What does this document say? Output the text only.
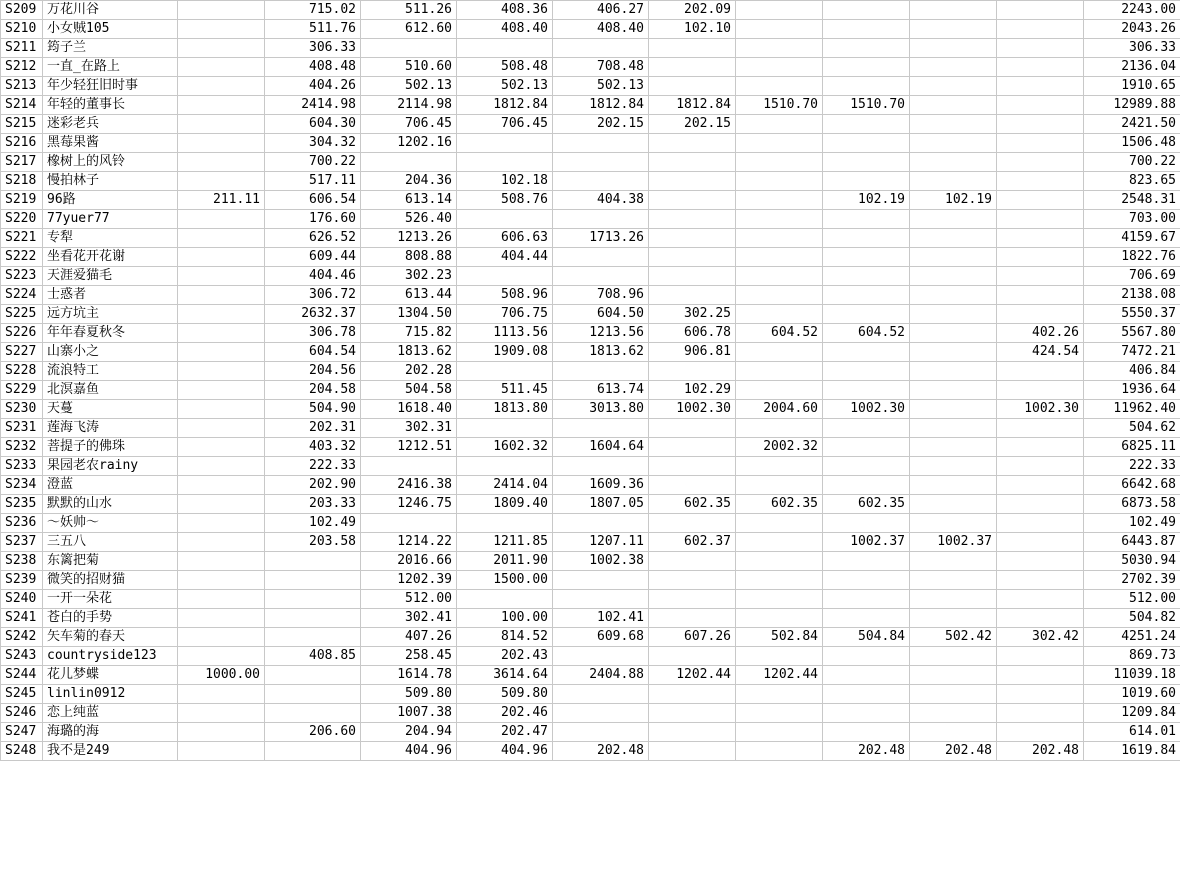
S209	万花川谷		715.02	511.26	408.36	406.27	202.09					2243.00
S210	小女贼105		511.76	612.60	408.40	408.40	102.10					2043.26
S211	筠子兰		306.33									306.33
S212	一直_在路上		408.48	510.60	508.48	708.48						2136.04
S213	年少轻狂旧时事		404.26	502.13	502.13	502.13						1910.65
S214	年轻的董事长		2414.98	2114.98	1812.84	1812.84	1812.84	1510.70	1510.70			12989.88
S215	迷彩老兵		604.30	706.45	706.45	202.15	202.15					2421.50
S216	黑莓果酱		304.32	1202.16								1506.48
S217	橡树上的风铃		700.22									700.22
S218	慢拍林子		517.11	204.36	102.18							823.65
S219	96路	211.11	606.54	613.14	508.76	404.38			102.19	102.19		2548.31
S220	77yuer77		176.60	526.40								703.00
S221	专犁		626.52	1213.26	606.63	1713.26						4159.67
S222	坐看花开花谢		609.44	808.88	404.44							1822.76
S223	天涯爱猫毛		404.46	302.23								706.69
S224	士惑者		306.72	613.44	508.96	708.96						2138.08
S225	远方坑主		2632.37	1304.50	706.75	604.50	302.25					5550.37
S226	年年春夏秋冬		306.78	715.82	1113.56	1213.56	606.78	604.52	604.52		402.26	5567.80
S227	山寨小之		604.54	1813.62	1909.08	1813.62	906.81				424.54	7472.21
S228	流浪特工		204.56	202.28								406.84
S229	北溟嘉鱼		204.58	504.58	511.45	613.74	102.29					1936.64
S230	天蔓		504.90	1618.40	1813.80	3013.80	1002.30	2004.60	1002.30		1002.30	11962.40
S231	莲海飞涛		202.31	302.31								504.62
S232	菩提子的佛珠		403.32	1212.51	1602.32	1604.64		2002.32				6825.11
S233	果园老农rainy		222.33									222.33
S234	澄蓝		202.90	2416.38	2414.04	1609.36						6642.68
S235	默默的山水		203.33	1246.75	1809.40	1807.05	602.35	602.35	602.35			6873.58
S236	～妖帅～		102.49									102.49
S237	三五八		203.58	1214.22	1211.85	1207.11	602.37		1002.37	1002.37		6443.87
S238	东篱把菊			2016.66	2011.90	1002.38						5030.94
S239	微笑的招财猫			1202.39	1500.00							2702.39
S240	一开一朵花			512.00								512.00
S241	苍白的手势			302.41	100.00	102.41						504.82
S242	矢车菊的春天			407.26	814.52	609.68	607.26	502.84	504.84	502.42	302.42	4251.24
S243	countryside123		408.85	258.45	202.43							869.73
S244	花儿梦蝶	1000.00		1614.78	3614.64	2404.88	1202.44	1202.44				11039.18
S245	linlin0912			509.80	509.80							1019.60
S246	恋上纯蓝			1007.38	202.46							1209.84
S247	海璐的海		206.60	204.94	202.47							614.01
S248	我不是249			404.96	404.96	202.48			202.48	202.48	202.48	1619.84
